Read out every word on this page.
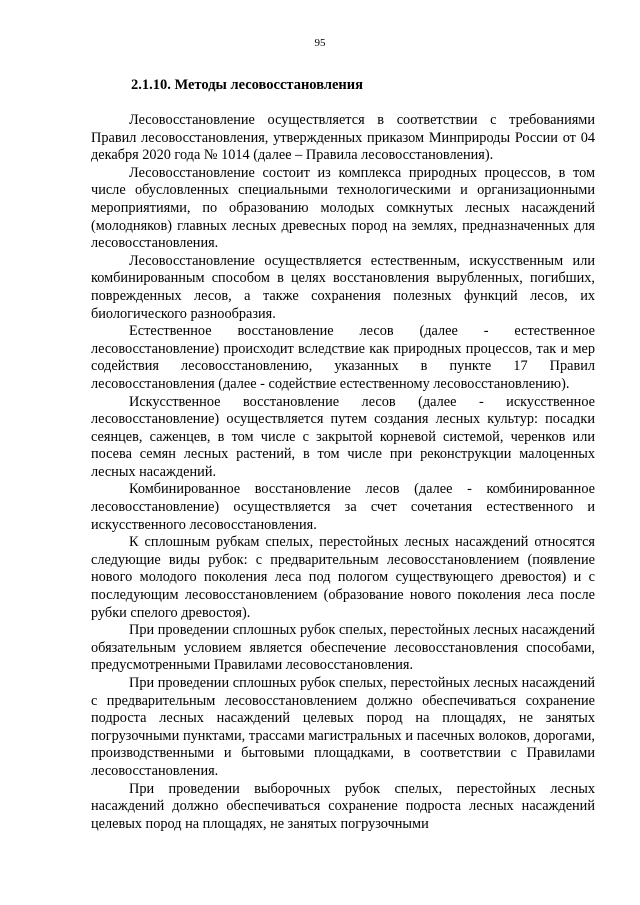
95
2.1.10. Методы лесовосстановления

Лесовосстановление осуществляется в соответствии с требованиями Правил лесовосстановления, утвержденных приказом Минприроды России от 04 декабря 2020 года № 1014 (далее – Правила лесовосстановления).

Лесовосстановление состоит из комплекса природных процессов, в том числе обусловленных специальными технологическими и организационными мероприятиями, по образованию молодых сомкнутых лесных насаждений (молодняков) главных лесных древесных пород на землях, предназначенных для лесовосстановления.

Лесовосстановление осуществляется естественным, искусственным или комбинированным способом в целях восстановления вырубленных, погибших, поврежденных лесов, а также сохранения полезных функций лесов, их биологического разнообразия.

Естественное восстановление лесов (далее - естественное лесовосстановление) происходит вследствие как природных процессов, так и мер содействия лесовосстановлению, указанных в пункте 17 Правил лесовосстановления (далее - содействие естественному лесовосстановлению).

Искусственное восстановление лесов (далее - искусственное лесовосстановление) осуществляется путем создания лесных культур: посадки сеянцев, саженцев, в том числе с закрытой корневой системой, черенков или посева семян лесных растений, в том числе при реконструкции малоценных лесных насаждений.

Комбинированное восстановление лесов (далее - комбинированное лесовосстановление) осуществляется за счет сочетания естественного и искусственного лесовосстановления.

К сплошным рубкам спелых, перестойных лесных насаждений относятся следующие виды рубок: с предварительным лесовосстановлением (появление нового молодого поколения леса под пологом существующего древостоя) и с последующим лесовосстановлением (образование нового поколения леса после рубки спелого древостоя).

При проведении сплошных рубок спелых, перестойных лесных насаждений обязательным условием является обеспечение лесовосстановления способами, предусмотренными Правилами лесовосстановления.

При проведении сплошных рубок спелых, перестойных лесных насаждений с предварительным лесовосстановлением должно обеспечиваться сохранение подроста лесных насаждений целевых пород на площадях, не занятых погрузочными пунктами, трассами магистральных и пасечных волоков, дорогами, производственными и бытовыми площадками, в соответствии с Правилами лесовосстановления.

При проведении выборочных рубок спелых, перестойных лесных насаждений должно обеспечиваться сохранение подроста лесных насаждений целевых пород на площадях, не занятых погрузочными
